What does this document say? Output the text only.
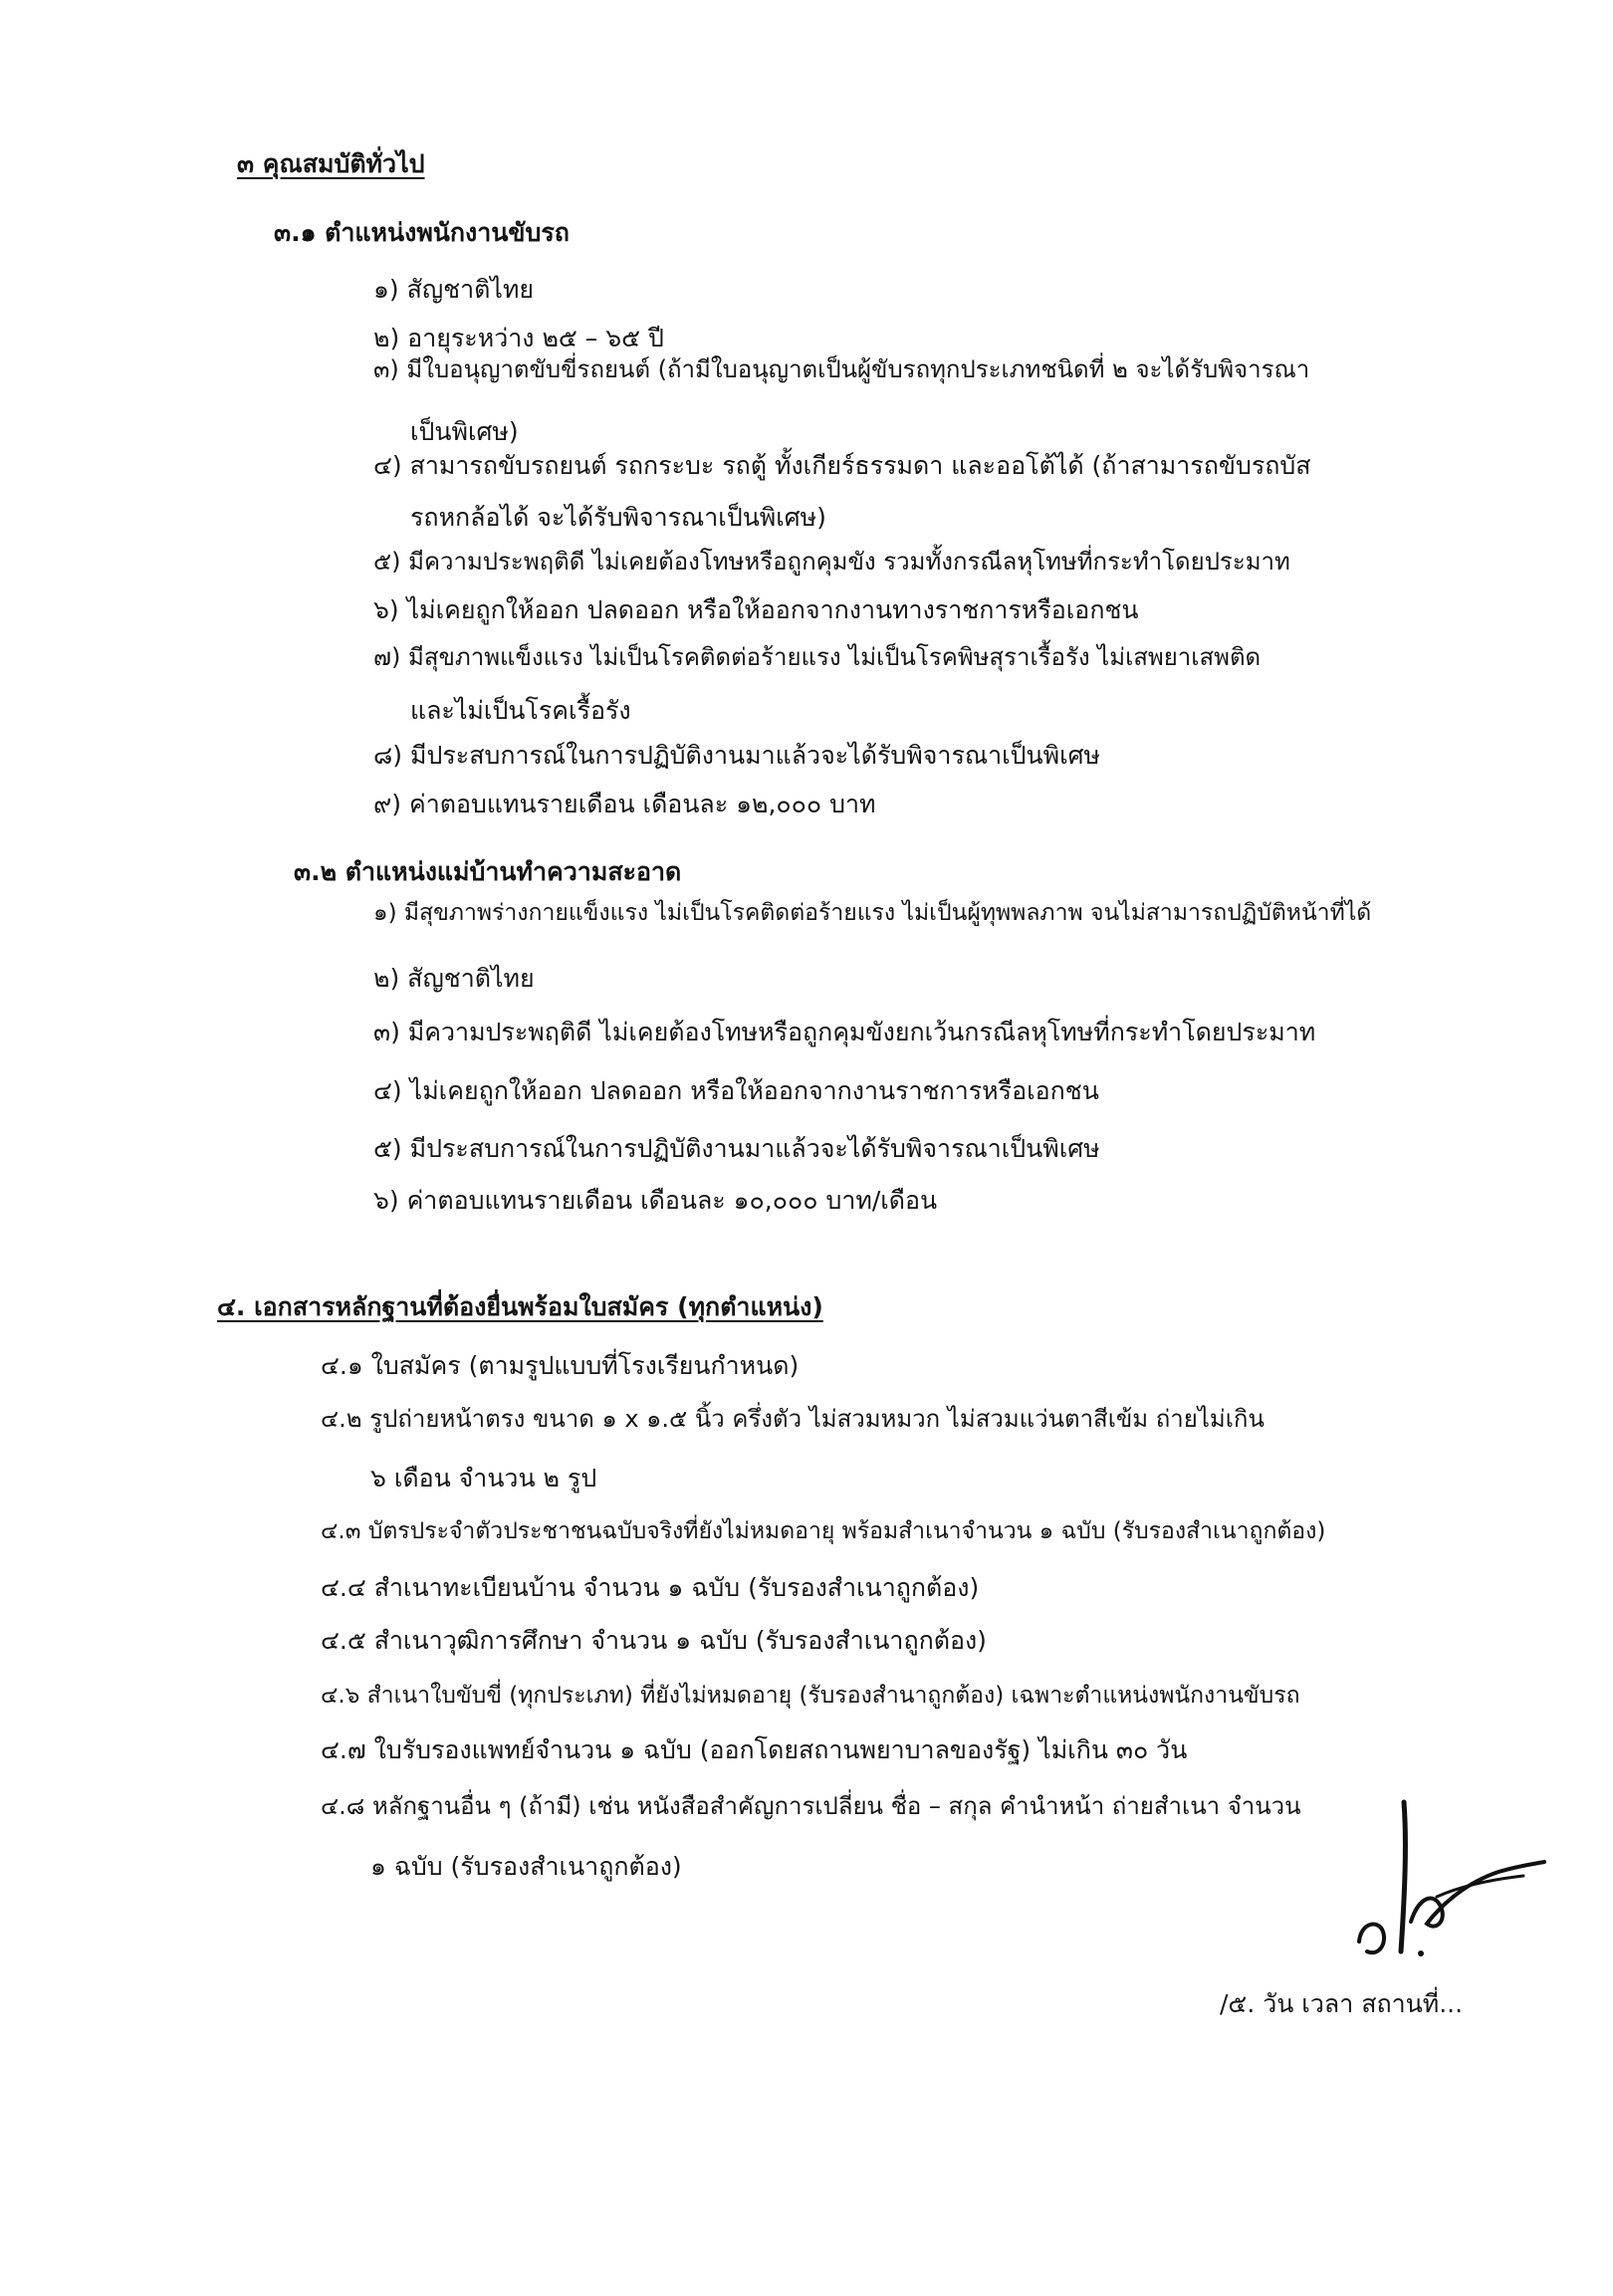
๓ คุณสมบัติทั่วไป
๓.๑ ตำแหน่งพนักงานขับรถ
๑) สัญชาติไทย
๒) อายุระหว่าง ๒๕ – ๖๕ ปี
๓) มีใบอนุญาตขับขี่รถยนต์ (ถ้ามีใบอนุญาตเป็นผู้ขับรถทุกประเภทชนิดที่ ๒ จะได้รับพิจารณา
เป็นพิเศษ)
๔) สามารถขับรถยนต์ รถกระบะ รถตู้ ทั้งเกียร์ธรรมดา และออโต้ได้ (ถ้าสามารถขับรถบัส
รถหกล้อได้ จะได้รับพิจารณาเป็นพิเศษ)
๕) มีความประพฤติดี ไม่เคยต้องโทษหรือถูกคุมขัง รวมทั้งกรณีลหุโทษที่กระทำโดยประมาท
๖) ไม่เคยถูกให้ออก ปลดออก หรือให้ออกจากงานทางราชการหรือเอกชน
๗) มีสุขภาพแข็งแรง ไม่เป็นโรคติดต่อร้ายแรง ไม่เป็นโรคพิษสุราเรื้อรัง ไม่เสพยาเสพติด
และไม่เป็นโรคเรื้อรัง
๘) มีประสบการณ์ในการปฏิบัติงานมาแล้วจะได้รับพิจารณาเป็นพิเศษ
๙) ค่าตอบแทนรายเดือน เดือนละ ๑๒,๐๐๐ บาท
๓.๒ ตำแหน่งแม่บ้านทำความสะอาด
๑) มีสุขภาพร่างกายแข็งแรง ไม่เป็นโรคติดต่อร้ายแรง ไม่เป็นผู้ทุพพลภาพ จนไม่สามารถปฏิบัติหน้าที่ได้
๒) สัญชาติไทย
๓) มีความประพฤติดี ไม่เคยต้องโทษหรือถูกคุมขังยกเว้นกรณีลหุโทษที่กระทำโดยประมาท
๔) ไม่เคยถูกให้ออก ปลดออก หรือให้ออกจากงานราชการหรือเอกชน
๕) มีประสบการณ์ในการปฏิบัติงานมาแล้วจะได้รับพิจารณาเป็นพิเศษ
๖) ค่าตอบแทนรายเดือน เดือนละ ๑๐,๐๐๐ บาท/เดือน
๔. เอกสารหลักฐานที่ต้องยื่นพร้อมใบสมัคร (ทุกตำแหน่ง)
๔.๑ ใบสมัคร (ตามรูปแบบที่โรงเรียนกำหนด)
๔.๒ รูปถ่ายหน้าตรง ขนาด ๑ x ๑.๕ นิ้ว ครึ่งตัว ไม่สวมหมวก ไม่สวมแว่นตาสีเข้ม ถ่ายไม่เกิน
๖ เดือน จำนวน ๒ รูป
๔.๓ บัตรประจำตัวประชาชนฉบับจริงที่ยังไม่หมดอายุ พร้อมสำเนาจำนวน ๑ ฉบับ (รับรองสำเนาถูกต้อง)
๔.๔ สำเนาทะเบียนบ้าน จำนวน ๑ ฉบับ (รับรองสำเนาถูกต้อง)
๔.๕ สำเนาวุฒิการศึกษา จำนวน ๑ ฉบับ (รับรองสำเนาถูกต้อง)
๔.๖ สำเนาใบขับขี่ (ทุกประเภท) ที่ยังไม่หมดอายุ (รับรองสำนาถูกต้อง) เฉพาะตำแหน่งพนักงานขับรถ
๔.๗ ใบรับรองแพทย์จำนวน ๑ ฉบับ (ออกโดยสถานพยาบาลของรัฐ) ไม่เกิน ๓๐ วัน
๔.๘ หลักฐานอื่น ๆ (ถ้ามี) เช่น หนังสือสำคัญการเปลี่ยน ชื่อ – สกุล คำนำหน้า ถ่ายสำเนา จำนวน
๑ ฉบับ (รับรองสำเนาถูกต้อง)
/๕. วัน เวลา สถานที่...
